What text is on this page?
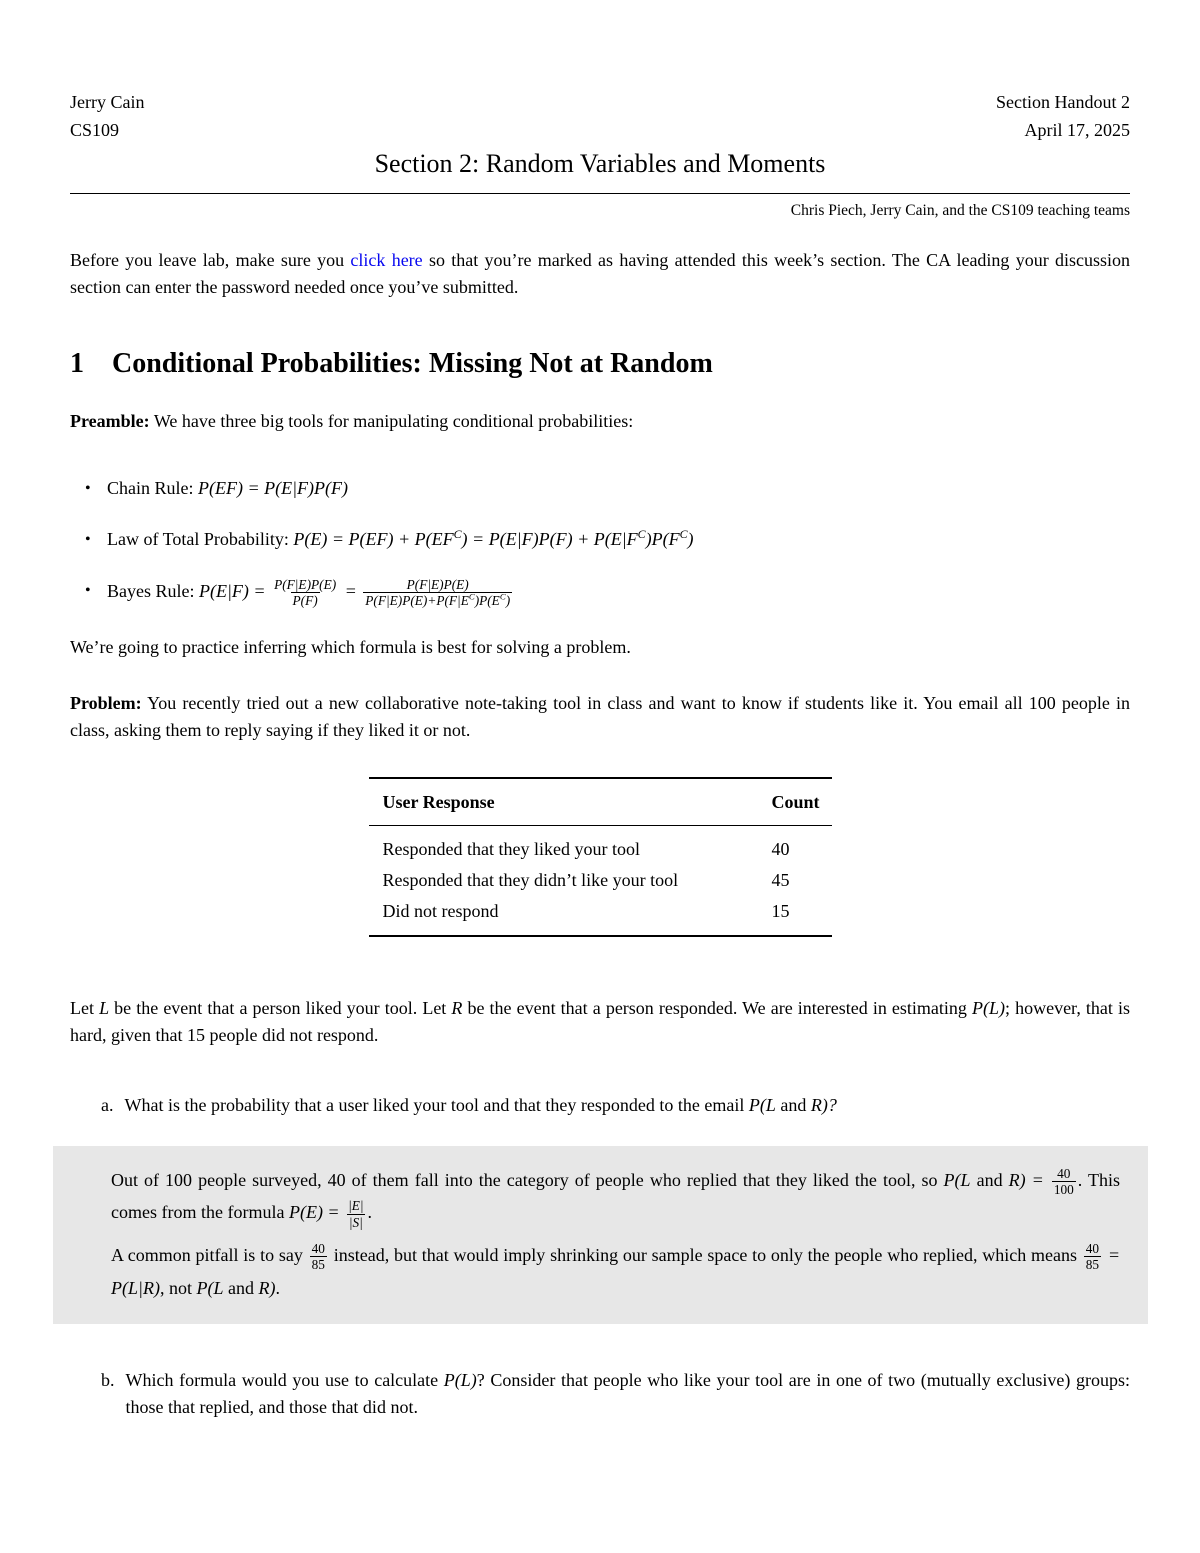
Jerry Cain
CS109
Section Handout 2
April 17, 2025
Section 2: Random Variables and Moments
Chris Piech, Jerry Cain, and the CS109 teaching teams

Before you leave lab, make sure you click here so that you’re marked as having attended this week’s section. The CA leading your discussion section can enter the password needed once you’ve submitted.

1 Conditional Probabilities: Missing Not at Random

Preamble: We have three big tools for manipulating conditional probabilities:

• Chain Rule: P(EF) = P(E|F)P(F)
• Law of Total Probability: $P(E) = P(EF) + P(EF^C) = P(E|F)P(F) + P(E|F^C)P(F^C)$
• Bayes Rule: $P(E|F) = \frac{P(F|E)P(E)}{P(F)} = \frac{P(F|E)P(E)}{P(F|E)P(E)+P(F|E^C)P(E^C)}$

We’re going to practice inferring which formula is best for solving a problem.

Problem: You recently tried out a new collaborative note-taking tool in class and want to know if students like it. You email all 100 people in class, asking them to reply saying if they liked it or not.

User Response	Count
Responded that they liked your tool	40
Responded that they didn’t like your tool	45
Did not respond	15

Let L be the event that a person liked your tool. Let R be the event that a person responded. We are interested in estimating P(L); however, that is hard, given that 15 people did not respond.

a. What is the probability that a user liked your tool and that they responded to the email P(L and R)?

Out of 100 people surveyed, 40 of them fall into the category of people who replied that they liked the tool, so P(L and $R) = \frac{40}{100}$ . This comes from the formula $P(E) = \frac{|E|}{|S|}$ .

A common pitfall is to say $\frac{40}{85}$ instead, but that would imply shrinking our sample space to only the people who replied, which means $\frac{40}{85} = P(L|R)$, not P(L and R).

b. Which formula would you use to calculate P(L)? Consider that people who like your tool are in one of two (mutually exclusive) groups: those that replied, and those that did not.
